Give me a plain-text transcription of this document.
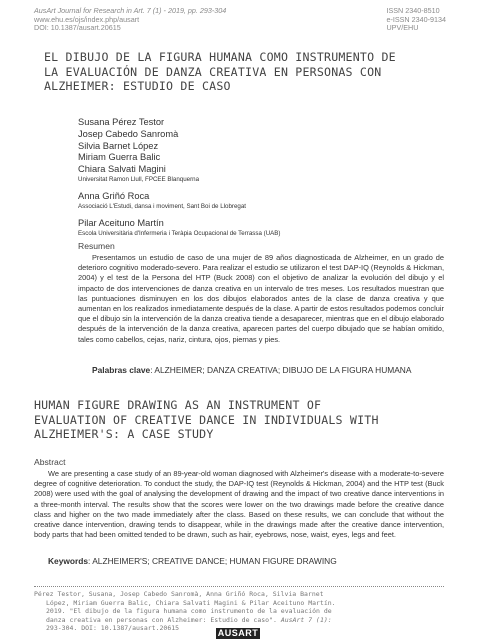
AusArt Journal for Research in Art. 7 (1) - 2019, pp. 293-304
www.ehu.es/ojs/index.php/ausart
DOI: 10.1387/ausart.20615
ISSN 2340-8510
e-ISSN 2340-9134
UPV/EHU
EL DIBUJO DE LA FIGURA HUMANA COMO INSTRUMENTO DE
LA EVALUACIÓN DE DANZA CREATIVA EN PERSONAS CON
ALZHEIMER: ESTUDIO DE CASO
Susana Pérez Testor
Josep Cabedo Sanromà
Silvia Barnet López
Miriam Guerra Balic
Chiara Salvati Magini
Universitat Ramon Llull, FPCEE Blanquerna
Anna Griñó Roca
Associació L'Estudi, dansa i moviment, Sant Boi de Llobregat
Pilar Aceituno Martín
Escola Universitària d'Infermeria i Teràpia Ocupacional de Terrassa (UAB)
Resumen
Presentamos un estudio de caso de una mujer de 89 años diagnosticada de Alzheimer, en un grado de deterioro cognitivo moderado-severo. Para realizar el estudio se utilizaron el test DAP-IQ (Reynolds & Hickman, 2004) y el test de la Persona del HTP (Buck 2008) con el objetivo de analizar la evolución del dibujo y el impacto de dos intervenciones de danza creativa en un intervalo de tres meses. Los resultados muestran que las puntuaciones disminuyen en los dos dibujos elaborados antes de la clase de danza creativa y que aumentan en los realizados inmediatamente después de la clase. A partir de estos resultados podemos concluir que el dibujo sin la intervención de la danza creativa tiende a desaparecer, mientras que en el dibujo elaborado después de la intervención de la danza creativa, aparecen partes del cuerpo dibujado que se habían omitido, tales como cabellos, cejas, nariz, cintura, ojos, piernas y pies.
Palabras clave: ALZHEIMER; DANZA CREATIVA; DIBUJO DE LA FIGURA HUMANA
HUMAN FIGURE DRAWING AS AN INSTRUMENT OF
EVALUATION OF CREATIVE DANCE IN INDIVIDUALS WITH
ALZHEIMER'S: A CASE STUDY
Abstract
We are presenting a case study of an 89-year-old woman diagnosed with Alzheimer's disease with a moderate-to-severe degree of cognitive deterioration. To conduct the study, the DAP-IQ test (Reynolds & Hickman, 2004) and the HTP test (Buck 2008) were used with the goal of analysing the development of drawing and the impact of two creative dance interventions in a three-month interval. The results show that the scores were lower on the two drawings made before the creative dance class and higher on the two made immediately after the class. Based on these results, we can conclude that without the creative dance intervention, drawing tends to disappear, while in the drawings made after the creative dance intervention, body parts that had been omitted tended to be drawn, such as hair, eyebrows, nose, waist, eyes, legs and feet.
Keywords: ALZHEIMER'S; CREATIVE DANCE; HUMAN FIGURE DRAWING
Pérez Testor, Susana, Josep Cabedo Sanromà, Anna Griñó Roca, Silvia Barnet
López, Miriam Guerra Balic, Chiara Salvati Magini & Pilar Aceituno Martín.
2019. "El dibujo de la figura humana como instrumento de la evaluación de
danza creativa en personas con Alzheimer: Estudio de caso". AusArt 7 (1):
293-304. DOI: 10.1387/ausart.20615	AUSART
